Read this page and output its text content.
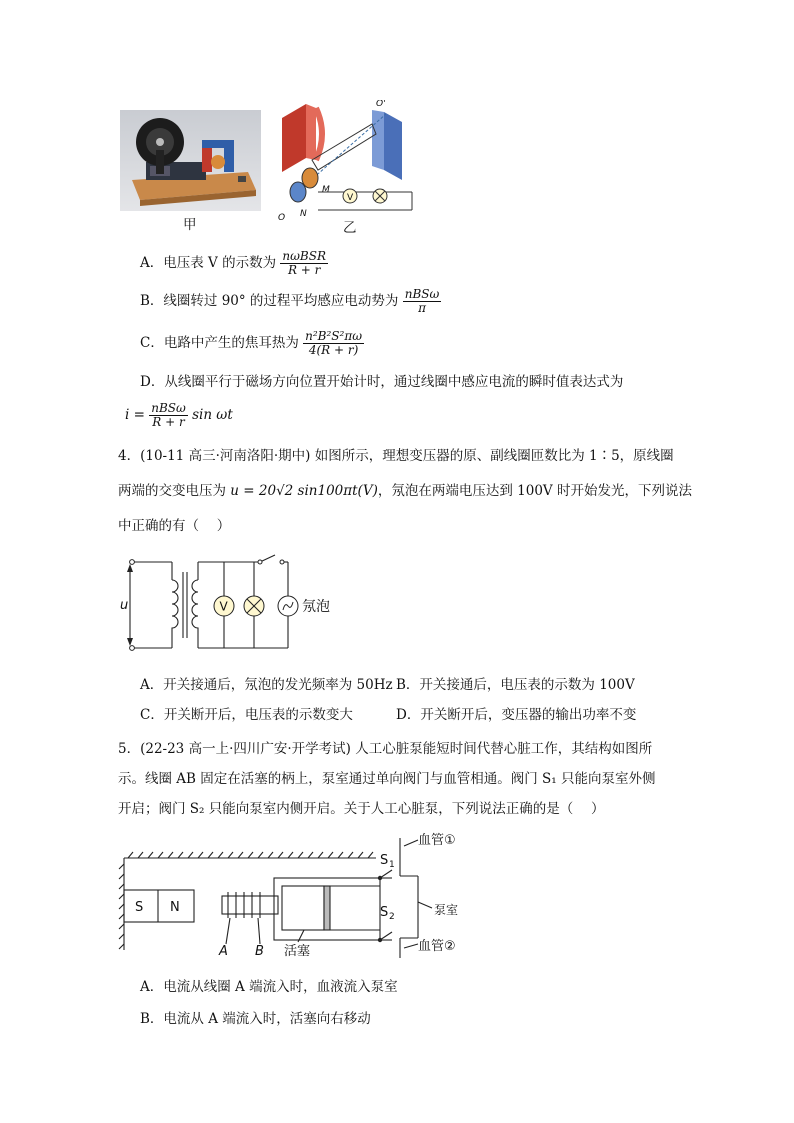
甲
V
O'
O N
M
乙
A．电压表 V 的示数为 $\frac{\text{nωBSR}}{R + r}$
B．线圈转过 90° 的过程平均感应电动势为 $\frac{\text{nBSω}}{\pi}$
C．电路中产生的焦耳热为 $\frac{\text{n²B²S²πω}}{4(R + r)}$
D．从线圈平行于磁场方向位置开始计时，通过线圈中感应电流的瞬时值表达式为
$i = \frac{\text{nBSω}}{R + r}$ sin ωt
4．(10-11 高三·河南洛阳·期中) 如图所示，理想变压器的原、副线圈匝数比为 1∶5，原线圈
两端的交变电压为 u = 20√2 sin100πt(V)，氖泡在两端电压达到 100V 时开始发光，下列说法
中正确的有（　 ）
V
u	氖泡
A．开关接通后，氖泡的发光频率为 50Hz B．开关接通后，电压表的示数为 100V
C．开关断开后，电压表的示数变大	D．开关断开后，变压器的输出功率不变
5．(22-23 高一上·四川广安·开学考试) 人工心脏泵能短时间代替心脏工作，其结构如图所
示。线圈 AB 固定在活塞的柄上，泵室通过单向阀门与血管相通。阀门 S₁ 只能向泵室外侧
开启；阀门 S₂ 只能向泵室内侧开启。关于人工心脏泵，下列说法正确的是（　 ）
S N
A B 活塞
S 1
S 2
血管①
泵室
血管②
A．电流从线圈 A 端流入时，血液流入泵室
B．电流从 A 端流入时，活塞向右移动
